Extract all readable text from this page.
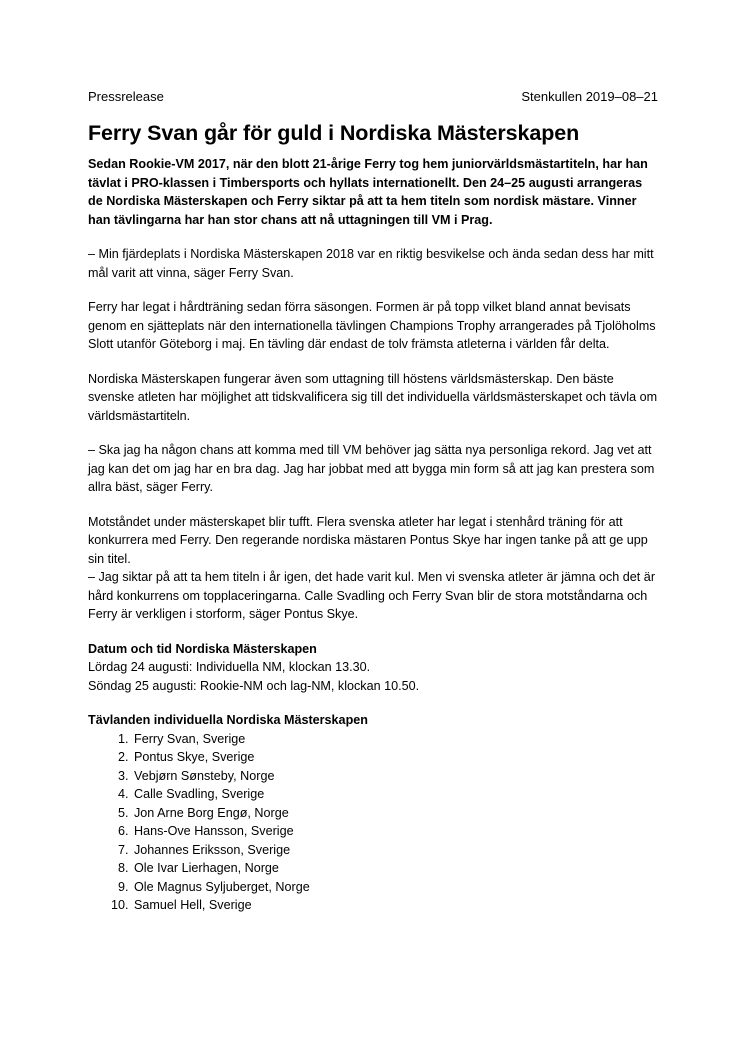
Pressrelease	Stenkullen 2019–08–21
Ferry Svan går för guld i Nordiska Mästerskapen

Sedan Rookie-VM 2017, när den blott 21-årige Ferry tog hem juniorvärldsmästartiteln, har han tävlat i PRO-klassen i Timbersports och hyllats internationellt. Den 24–25 augusti arrangeras de Nordiska Mästerskapen och Ferry siktar på att ta hem titeln som nordisk mästare. Vinner han tävlingarna har han stor chans att nå uttagningen till VM i Prag.

– Min fjärdeplats i Nordiska Mästerskapen 2018 var en riktig besvikelse och ända sedan dess har mitt mål varit att vinna, säger Ferry Svan.

Ferry har legat i hårdträning sedan förra säsongen. Formen är på topp vilket bland annat bevisats genom en sjätteplats när den internationella tävlingen Champions Trophy arrangerades på Tjolöholms Slott utanför Göteborg i maj. En tävling där endast de tolv främsta atleterna i världen får delta.

Nordiska Mästerskapen fungerar även som uttagning till höstens världsmästerskap. Den bäste svenske atleten har möjlighet att tidskvalificera sig till det individuella världsmästerskapet och tävla om världsmästartiteln.

– Ska jag ha någon chans att komma med till VM behöver jag sätta nya personliga rekord. Jag vet att jag kan det om jag har en bra dag. Jag har jobbat med att bygga min form så att jag kan prestera som allra bäst, säger Ferry.

Motståndet under mästerskapet blir tufft. Flera svenska atleter har legat i stenhård träning för att konkurrera med Ferry. Den regerande nordiska mästaren Pontus Skye har ingen tanke på att ge upp sin titel.

– Jag siktar på att ta hem titeln i år igen, det hade varit kul. Men vi svenska atleter är jämna och det är hård konkurrens om topplaceringarna. Calle Svadling och Ferry Svan blir de stora motståndarna och Ferry är verkligen i storform, säger Pontus Skye.

Datum och tid Nordiska Mästerskapen
Lördag 24 augusti: Individuella NM, klockan 13.30.
Söndag 25 augusti: Rookie-NM och lag-NM, klockan 10.50.
Tävlanden individuella Nordiska Mästerskapen
1. Ferry Svan, Sverige
2. Pontus Skye, Sverige
3. Vebjørn Sønsteby, Norge
4. Calle Svadling, Sverige
5. Jon Arne Borg Engø, Norge
6. Hans-Ove Hansson, Sverige
7. Johannes Eriksson, Sverige
8. Ole Ivar Lierhagen, Norge
9. Ole Magnus Syljuberget, Norge
10. Samuel Hell, Sverige
